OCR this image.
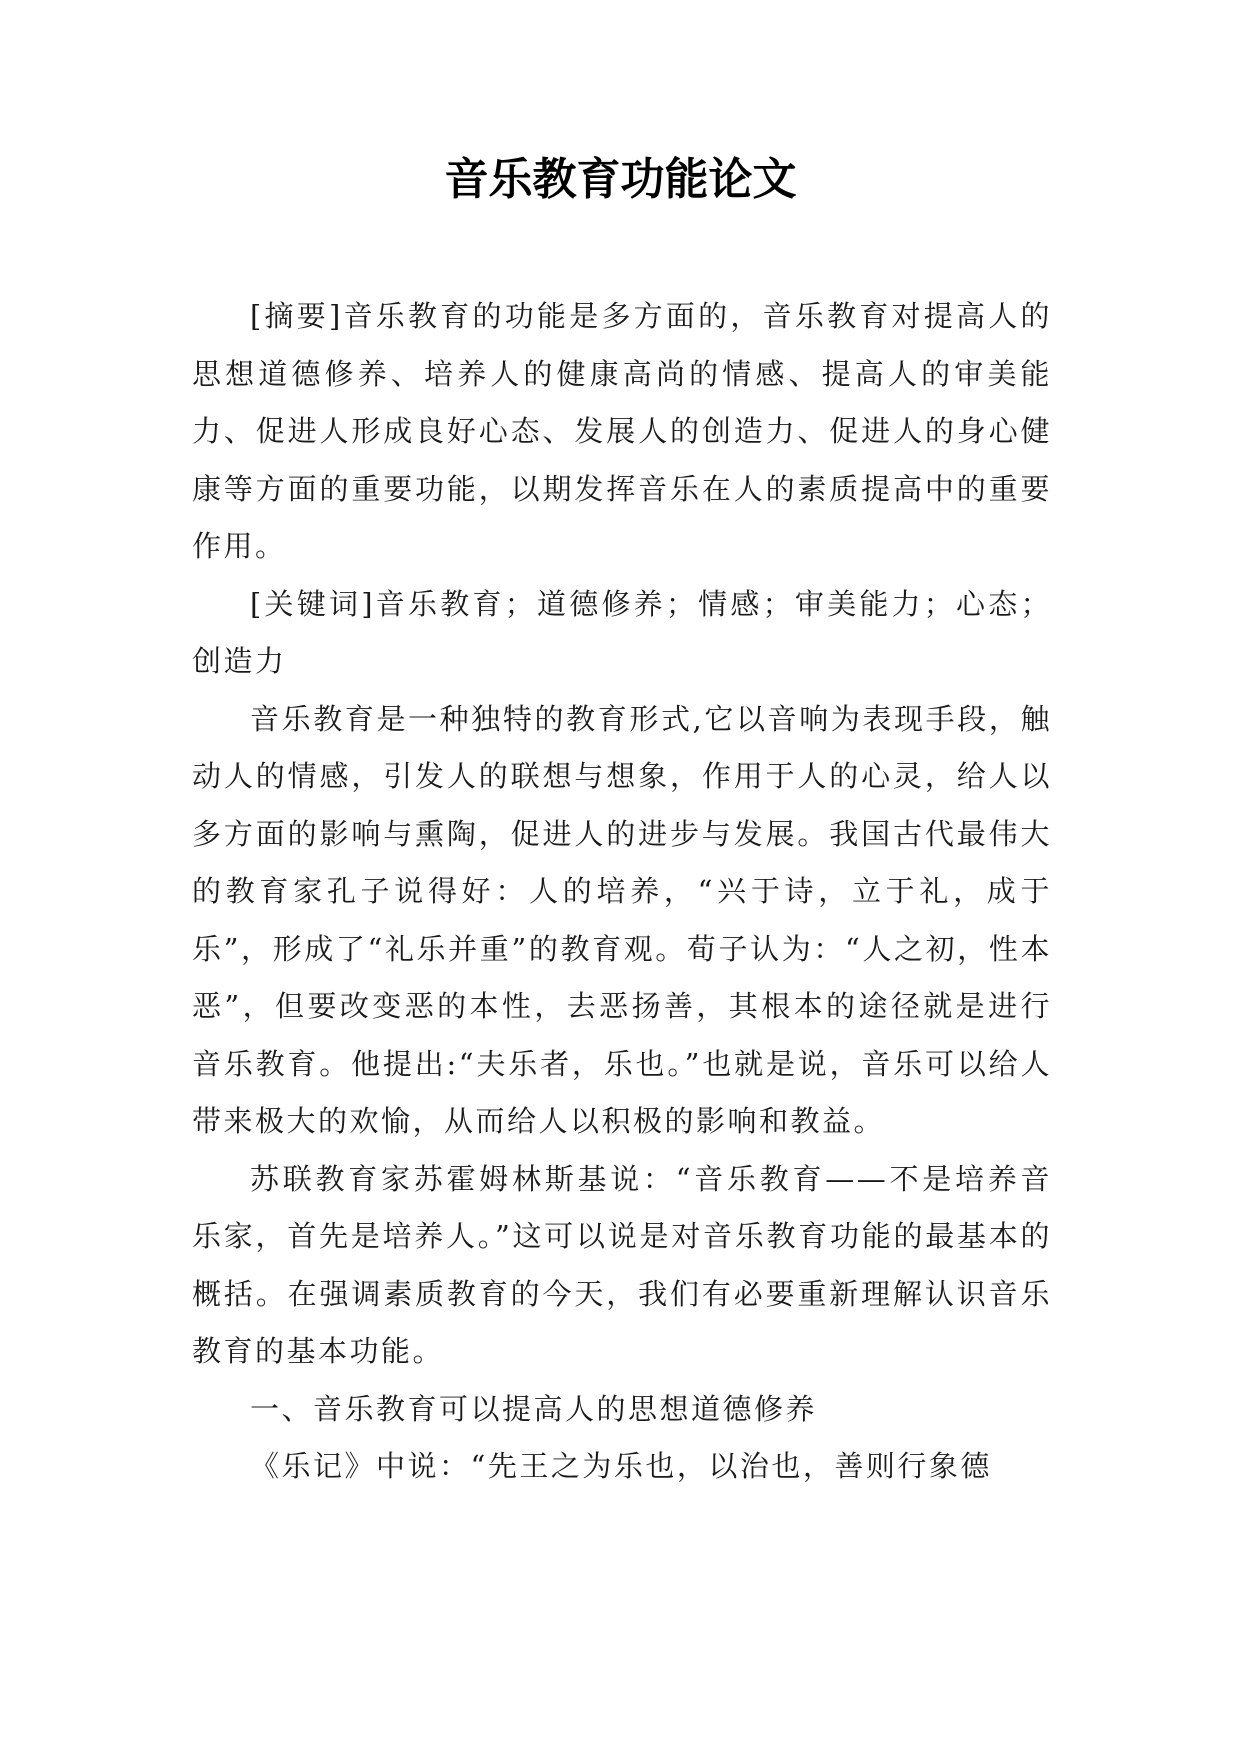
音乐教育功能论文

[摘要]音乐教育的功能是多方面的，音乐教育对提高人的思想道德修养、培养人的健康高尚的情感、提高人的审美能力、促进人形成良好心态、发展人的创造力、促进人的身心健康等方面的重要功能，以期发挥音乐在人的素质提高中的重要作用。

[关键词]音乐教育；道德修养；情感；审美能力；心态；创造力

音乐教育是一种独特的教育形式,它以音响为表现手段，触动人的情感，引发人的联想与想象，作用于人的心灵，给人以多方面的影响与熏陶，促进人的进步与发展。我国古代最伟大的教育家孔子说得好：人的培养，“兴于诗，立于礼，成于乐”，形成了“礼乐并重”的教育观。荀子认为：“人之初，性本恶”，但要改变恶的本性，去恶扬善，其根本的途径就是进行音乐教育。他提出:“夫乐者，乐也。”也就是说，音乐可以给人带来极大的欢愉，从而给人以积极的影响和教益。

苏联教育家苏霍姆林斯基说：“音乐教育——不是培养音乐家，首先是培养人。”这可以说是对音乐教育功能的最基本的概括。在强调素质教育的今天，我们有必要重新理解认识音乐教育的基本功能。

一、音乐教育可以提高人的思想道德修养

《乐记》中说：“先王之为乐也，以治也，善则行象德
